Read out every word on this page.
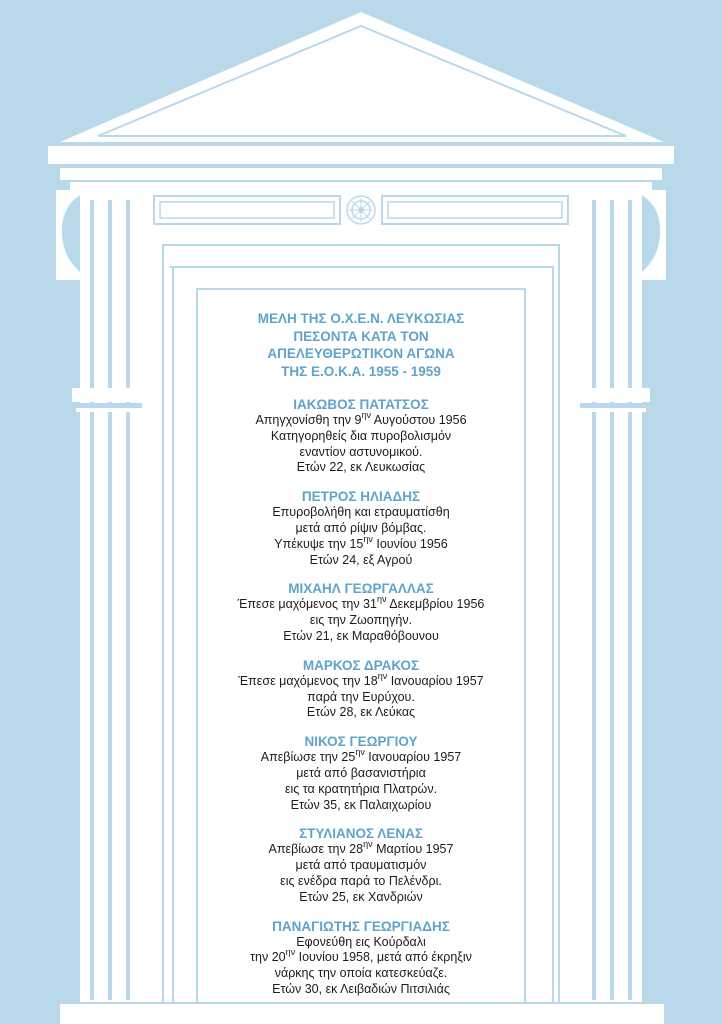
ΜΕΛΗ ΤΗΣ Ο.Χ.Ε.Ν. ΛΕΥΚΩΣΙΑΣ
ΠΕΣΟΝΤΑ ΚΑΤΑ ΤΟΝ
ΑΠΕΛΕΥΘΕΡΩΤΙΚΟΝ ΑΓΩΝΑ
ΤΗΣ Ε.Ο.Κ.Α. 1955 - 1959
ΙΑΚΩΒΟΣ ΠΑΤΑΤΣΟΣ
Απηγχονίσθη την $9^{\eta\nu}$ Αυγούστου 1956
Κατηγορηθείς δια πυροβολισμόν
εναντίον αστυνομικού.
Ετών 22, εκ Λευκωσίας
ΠΕΤΡΟΣ ΗΛΙΑΔΗΣ
Επυροβολήθη και ετραυματίσθη
μετά από ρίψιν βόμβας.
Υπέκυψε την $15^{\eta\nu}$ Ιουνίου 1956
Ετών 24, εξ Αγρού
ΜΙΧΑΗΛ ΓΕΩΡΓΑΛΛΑΣ
Έπεσε μαχόμενος την $31^{\eta\nu}$ Δεκεμβρίου 1956
εις την Ζωοπηγήν.
Ετών 21, εκ Μαραθόβουνου
ΜΑΡΚΟΣ ΔΡΑΚΟΣ
Έπεσε μαχόμενος την $18^{\eta\nu}$ Ιανουαρίου 1957
παρά την Ευρύχου.
Ετών 28, εκ Λεύκας
ΝΙΚΟΣ ΓΕΩΡΓΙΟΥ
Απεβίωσε την $25^{\eta\nu}$ Ιανουαρίου 1957
μετά από βασανιστήρια
εις τα κρατητήρια Πλατρών.
Ετών 35, εκ Παλαιχωρίου
ΣΤΥΛΙΑΝΟΣ ΛΕΝΑΣ
Απεβίωσε την $28^{\eta\nu}$ Μαρτίου 1957
μετά από τραυματισμόν
εις ενέδρα παρά το Πελένδρι.
Ετών 25, εκ Χανδριών
ΠΑΝΑΓΙΩΤΗΣ ΓΕΩΡΓΙΑΔΗΣ
Εφονεύθη εις Κούρδαλι
την $20^{\eta\nu}$ Ιουνίου 1958, μετά από έκρηξιν
νάρκης την οποία κατεσκεύαζε.
Ετών 30, εκ Λειβαδιών Πιτσιλιάς
